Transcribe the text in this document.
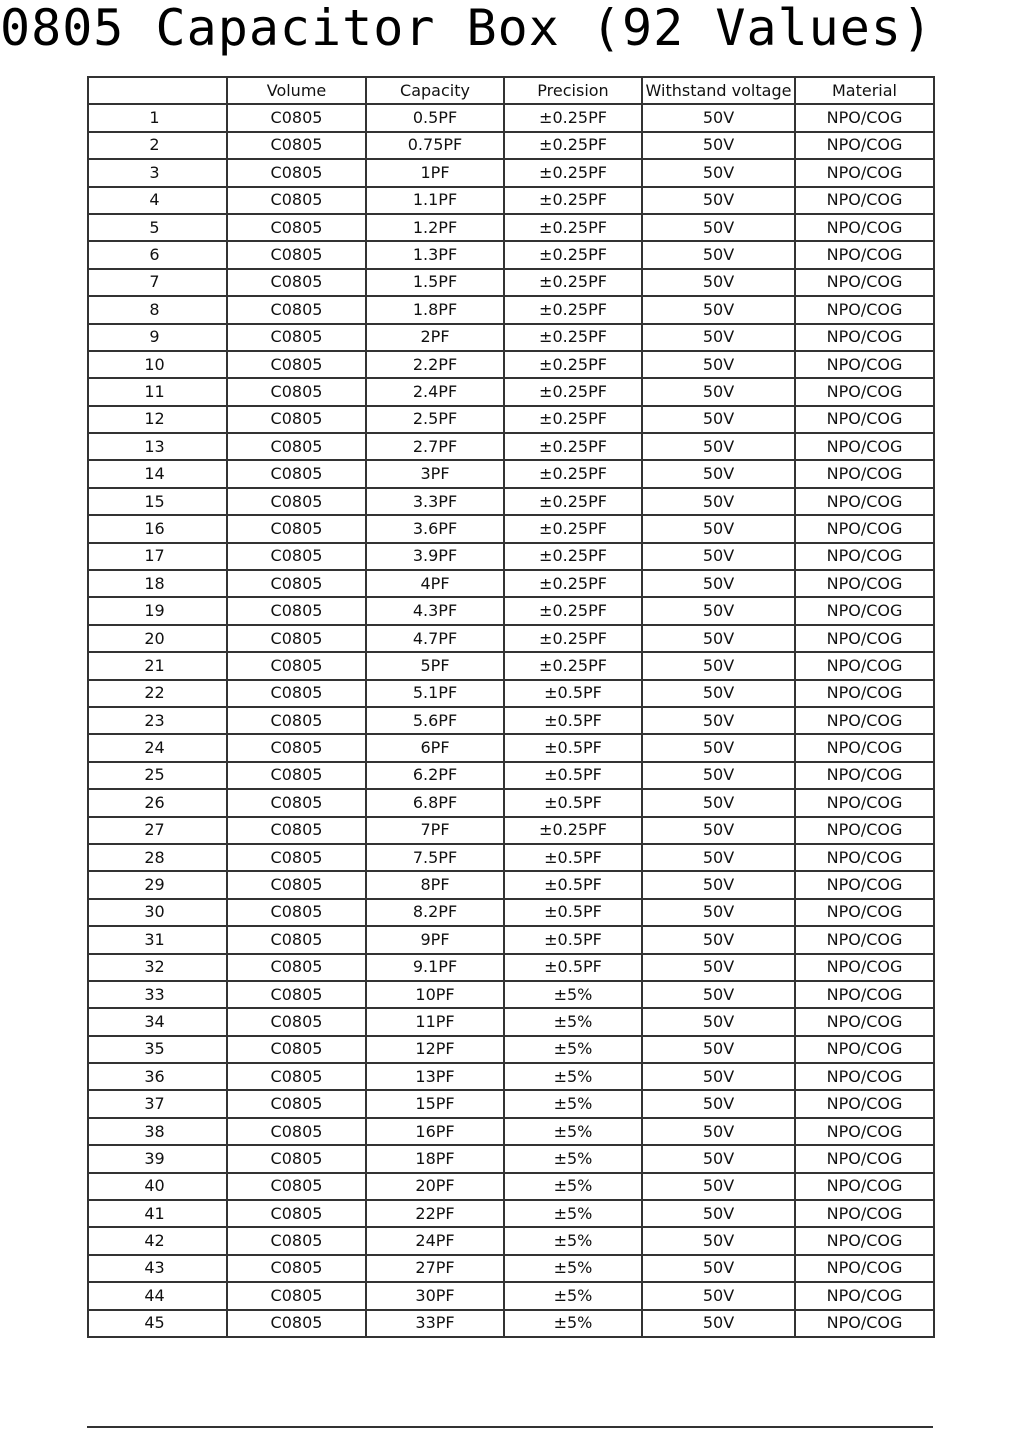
0805 Capacitor Box (92 Values)
	Volume	Capacity	Precision	Withstand voltage	Material
1	C0805	0.5PF	±0.25PF	50V	NPO/COG
2	C0805	0.75PF	±0.25PF	50V	NPO/COG
3	C0805	1PF	±0.25PF	50V	NPO/COG
4	C0805	1.1PF	±0.25PF	50V	NPO/COG
5	C0805	1.2PF	±0.25PF	50V	NPO/COG
6	C0805	1.3PF	±0.25PF	50V	NPO/COG
7	C0805	1.5PF	±0.25PF	50V	NPO/COG
8	C0805	1.8PF	±0.25PF	50V	NPO/COG
9	C0805	2PF	±0.25PF	50V	NPO/COG
10	C0805	2.2PF	±0.25PF	50V	NPO/COG
11	C0805	2.4PF	±0.25PF	50V	NPO/COG
12	C0805	2.5PF	±0.25PF	50V	NPO/COG
13	C0805	2.7PF	±0.25PF	50V	NPO/COG
14	C0805	3PF	±0.25PF	50V	NPO/COG
15	C0805	3.3PF	±0.25PF	50V	NPO/COG
16	C0805	3.6PF	±0.25PF	50V	NPO/COG
17	C0805	3.9PF	±0.25PF	50V	NPO/COG
18	C0805	4PF	±0.25PF	50V	NPO/COG
19	C0805	4.3PF	±0.25PF	50V	NPO/COG
20	C0805	4.7PF	±0.25PF	50V	NPO/COG
21	C0805	5PF	±0.25PF	50V	NPO/COG
22	C0805	5.1PF	±0.5PF	50V	NPO/COG
23	C0805	5.6PF	±0.5PF	50V	NPO/COG
24	C0805	6PF	±0.5PF	50V	NPO/COG
25	C0805	6.2PF	±0.5PF	50V	NPO/COG
26	C0805	6.8PF	±0.5PF	50V	NPO/COG
27	C0805	7PF	±0.25PF	50V	NPO/COG
28	C0805	7.5PF	±0.5PF	50V	NPO/COG
29	C0805	8PF	±0.5PF	50V	NPO/COG
30	C0805	8.2PF	±0.5PF	50V	NPO/COG
31	C0805	9PF	±0.5PF	50V	NPO/COG
32	C0805	9.1PF	±0.5PF	50V	NPO/COG
33	C0805	10PF	±5%	50V	NPO/COG
34	C0805	11PF	±5%	50V	NPO/COG
35	C0805	12PF	±5%	50V	NPO/COG
36	C0805	13PF	±5%	50V	NPO/COG
37	C0805	15PF	±5%	50V	NPO/COG
38	C0805	16PF	±5%	50V	NPO/COG
39	C0805	18PF	±5%	50V	NPO/COG
40	C0805	20PF	±5%	50V	NPO/COG
41	C0805	22PF	±5%	50V	NPO/COG
42	C0805	24PF	±5%	50V	NPO/COG
43	C0805	27PF	±5%	50V	NPO/COG
44	C0805	30PF	±5%	50V	NPO/COG
45	C0805	33PF	±5%	50V	NPO/COG
